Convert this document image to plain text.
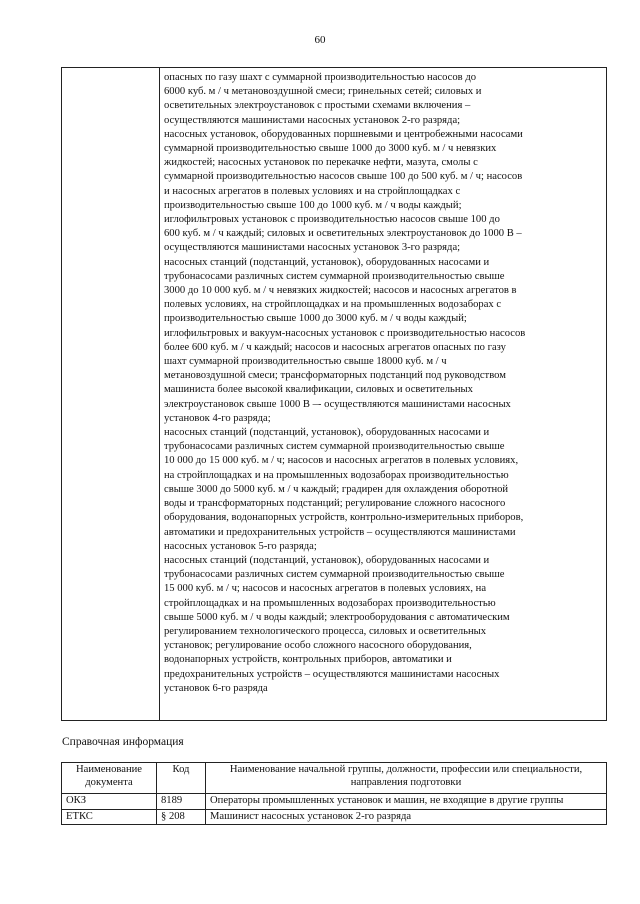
60
опасных по газу шахт с суммарной производительностью насосов до
6000 куб. м / ч метановоздушной смеси; гринельных сетей; силовых и
осветительных электроустановок с простыми схемами включения –
осуществляются машинистами насосных установок 2-го разряда;
насосных установок, оборудованных поршневыми и центробежными насосами
суммарной производительностью свыше 1000 до 3000 куб. м / ч невязких
жидкостей; насосных установок по перекачке нефти, мазута, смолы с
суммарной производительностью насосов свыше 100 до 500 куб. м / ч; насосов
и насосных агрегатов в полевых условиях и на стройплощадках с
производительностью свыше 100 до 1000 куб. м / ч воды каждый;
иглофильтровых установок с производительностью насосов свыше 100 до
600 куб. м / ч каждый; силовых и осветительных электроустановок до 1000 В –
осуществляются машинистами насосных установок 3-го разряда;
насосных станций (подстанций, установок), оборудованных насосами и
трубонасосами различных систем суммарной производительностью свыше
3000 до 10 000 куб. м / ч невязких жидкостей; насосов и насосных агрегатов в
полевых условиях, на стройплощадках и на промышленных водозаборах с
производительностью свыше 1000 до 3000 куб. м / ч воды каждый;
иглофильтровых и вакуум-насосных установок с производительностью насосов
более 600 куб. м / ч каждый; насосов и насосных агрегатов опасных по газу
шахт суммарной производительностью свыше 18000 куб. м / ч
метановоздушной смеси; трансформаторных подстанций под руководством
машиниста более высокой квалификации, силовых и осветительных
электроустановок свыше 1000 В –- осуществляются машинистами насосных
установок 4-го разряда;
насосных станций (подстанций, установок), оборудованных насосами и
трубонасосами различных систем суммарной производительностью свыше
10 000 до 15 000 куб. м / ч; насосов и насосных агрегатов в полевых условиях,
на стройплощадках и на промышленных водозаборах производительностью
свыше 3000 до 5000 куб. м / ч каждый; градирен для охлаждения оборотной
воды и трансформаторных подстанций; регулирование сложного насосного
оборудования, водонапорных устройств, контрольно-измерительных приборов,
автоматики и предохранительных устройств – осуществляются машинистами
насосных установок 5-го разряда;
насосных станций (подстанций, установок), оборудованных насосами и
трубонасосами различных систем суммарной производительностью свыше
15 000 куб. м / ч; насосов и насосных агрегатов в полевых условиях, на
стройплощадках и на промышленных водозаборах производительностью
свыше 5000 куб. м / ч воды каждый; электрооборудования с автоматическим
регулированием технологического процесса, силовых и осветительных
установок; регулирование особо сложного насосного оборудования,
водонапорных устройств, контрольных приборов, автоматики и
предохранительных устройств – осуществляются машинистами насосных
установок 6-го разряда
Справочная информация
Наименование документа	Код	Наименование начальной группы, должности, профессии или специальности, направления подготовки
ОКЗ	8189	Операторы промышленных установок и машин, не входящие в другие группы
ЕТКС	§ 208	Машинист насосных установок 2-го разряда
